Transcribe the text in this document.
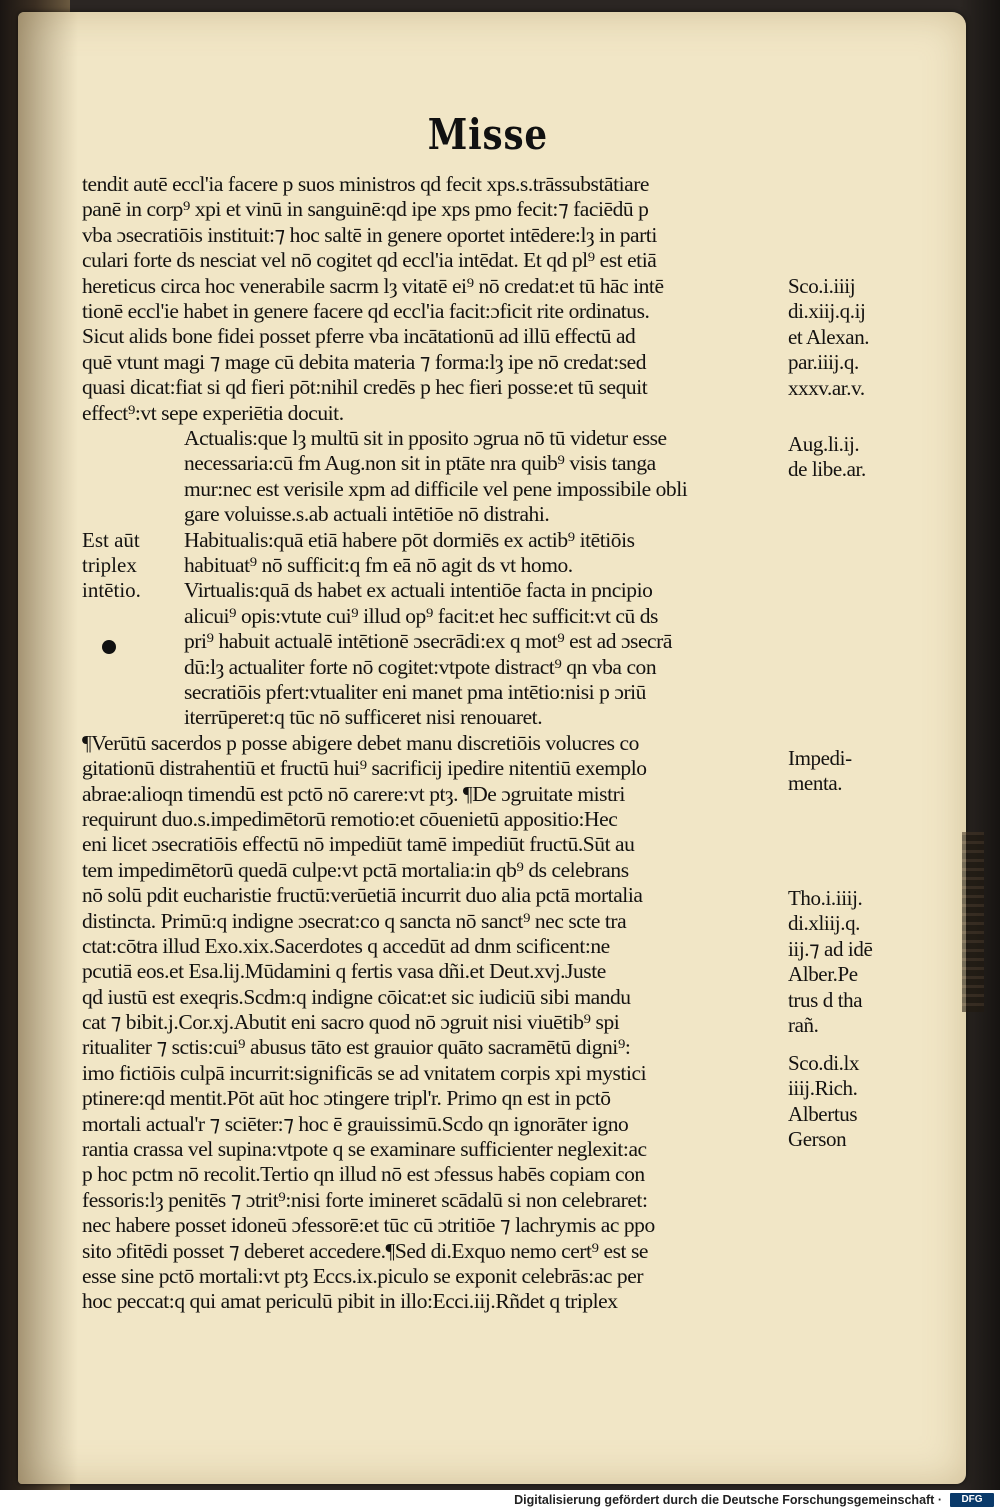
Misse
tendit autē eccl'ia facere p suos ministros qd fecit xps.s.trāssubstātiare
panē in corp⁹ xpi et vinū in sanguinē:qd ipe xps pmo fecit:⁊ faciēdū p
vba ɔsecratiōis instituit:⁊ hoc saltē in genere oportet intēdere:lȝ in parti
culari forte ds nesciat vel nō cogitet qd eccl'ia intēdat. Et qd pl⁹ est etiā
hereticus circa hoc venerabile sacrm lȝ vitatē ei⁹ nō credat:et tū hāc intē
tionē eccl'ie habet in genere facere qd eccl'ia facit:ɔficit rite ordinatus.
Sicut alids bone fidei posset pferre vba incātationū ad illū effectū ad
quē vtunt magi ⁊ mage cū debita materia ⁊ forma:lȝ ipe nō credat:sed
quasi dicat:fiat si qd fieri pōt:nihil credēs p hec fieri posse:et tū sequit
effect⁹:vt sepe experiētia docuit.
Actualis:que lȝ multū sit in pposito ɔgrua nō tū videtur esse
necessaria:cū fm Aug.non sit in ptāte nra quib⁹ visis tanga
mur:nec est verisile xpm ad difficile vel pene impossibile obli
gare voluisse.s.ab actuali intētiōe nō distrahi.
Habitualis:quā etiā habere pōt dormiēs ex actib⁹ itētiōis
habituat⁹ nō sufficit:q fm eā nō agit ds vt homo.
Virtualis:quā ds habet ex actuali intentiōe facta in pncipio
alicui⁹ opis:vtute cui⁹ illud op⁹ facit:et hec sufficit:vt cū ds
pri⁹ habuit actualē intētionē ɔsecrādi:ex q mot⁹ est ad ɔsecrā
dū:lȝ actualiter forte nō cogitet:vtpote distract⁹ qn vba con
secratiōis pfert:vtualiter eni manet pma intētio:nisi p ɔriū
iterrūperet:q tūc nō sufficeret nisi renouaret.
¶Verūtū sacerdos p posse abigere debet manu discretiōis volucres co
gitationū distrahentiū et fructū hui⁹ sacrificij ipedire nitentiū exemplo
abrae:alioqn timendū est pctō nō carere:vt ptȝ. ¶De ɔgruitate mistri
requirunt duo.s.impedimētorū remotio:et cōuenietū appositio:Hec
eni licet ɔsecratiōis effectū nō impediūt tamē impediūt fructū.Sūt au
tem impedimētorū quedā culpe:vt pctā mortalia:in qb⁹ ds celebrans
nō solū pdit eucharistie fructū:verūetiā incurrit duo alia pctā mortalia
distincta. Primū:q indigne ɔsecrat:co q sancta nō sanct⁹ nec scte tra
ctat:cōtra illud Exo.xix.Sacerdotes q accedūt ad dnm scificent:ne
pcutiā eos.et Esa.lij.Mūdamini q fertis vasa dñi.et Deut.xvj.Juste
qd iustū est exeqris.Scdm:q indigne cōicat:et sic iudiciū sibi mandu
cat ⁊ bibit.j.Cor.xj.Abutit eni sacro quod nō ɔgruit nisi viuētib⁹ spi
ritualiter ⁊ sctis:cui⁹ abusus tāto est grauior quāto sacramētū digni⁹:
imo fictiōis culpā incurrit:significās se ad vnitatem corpis xpi mystici
ptinere:qd mentit.Pōt aūt hoc ɔtingere tripl'r. Primo qn est in pctō
mortali actual'r ⁊ sciēter:⁊ hoc ē grauissimū.Scdo qn ignorāter igno
rantia crassa vel supina:vtpote q se examinare sufficienter neglexit:ac
p hoc pctm nō recolit.Tertio qn illud nō est ɔfessus habēs copiam con
fessoris:lȝ penitēs ⁊ ɔtrit⁹:nisi forte imineret scādalū si non celebraret:
nec habere posset idoneū ɔfessorē:et tūc cū ɔtritiōe ⁊ lachrymis ac ppo
sito ɔfitēdi posset ⁊ deberet accedere.¶Sed di.Exquo nemo cert⁹ est se
esse sine pctō mortali:vt ptȝ Eccs.ix.piculo se exponit celebrās:ac per
hoc peccat:q qui amat periculū pibit in illo:Ecci.iij.Rñdet q triplex
Est aūt
triplex
intētio.
Sco.i.iiij
di.xiij.q.ij
et Alexan.
par.iiij.q.
xxxv.ar.v.
Aug.li.ij.
de libe.ar.
Impedi-
menta.
Tho.i.iiij.
di.xliij.q.
iij.⁊ ad idē
Alber.Pe
trus d tha
rañ.
Sco.di.lx
iiij.Rich.
Albertus
Gerson
Digitalisierung gefördert durch die Deutsche Forschungsgemeinschaft ·	DFG
